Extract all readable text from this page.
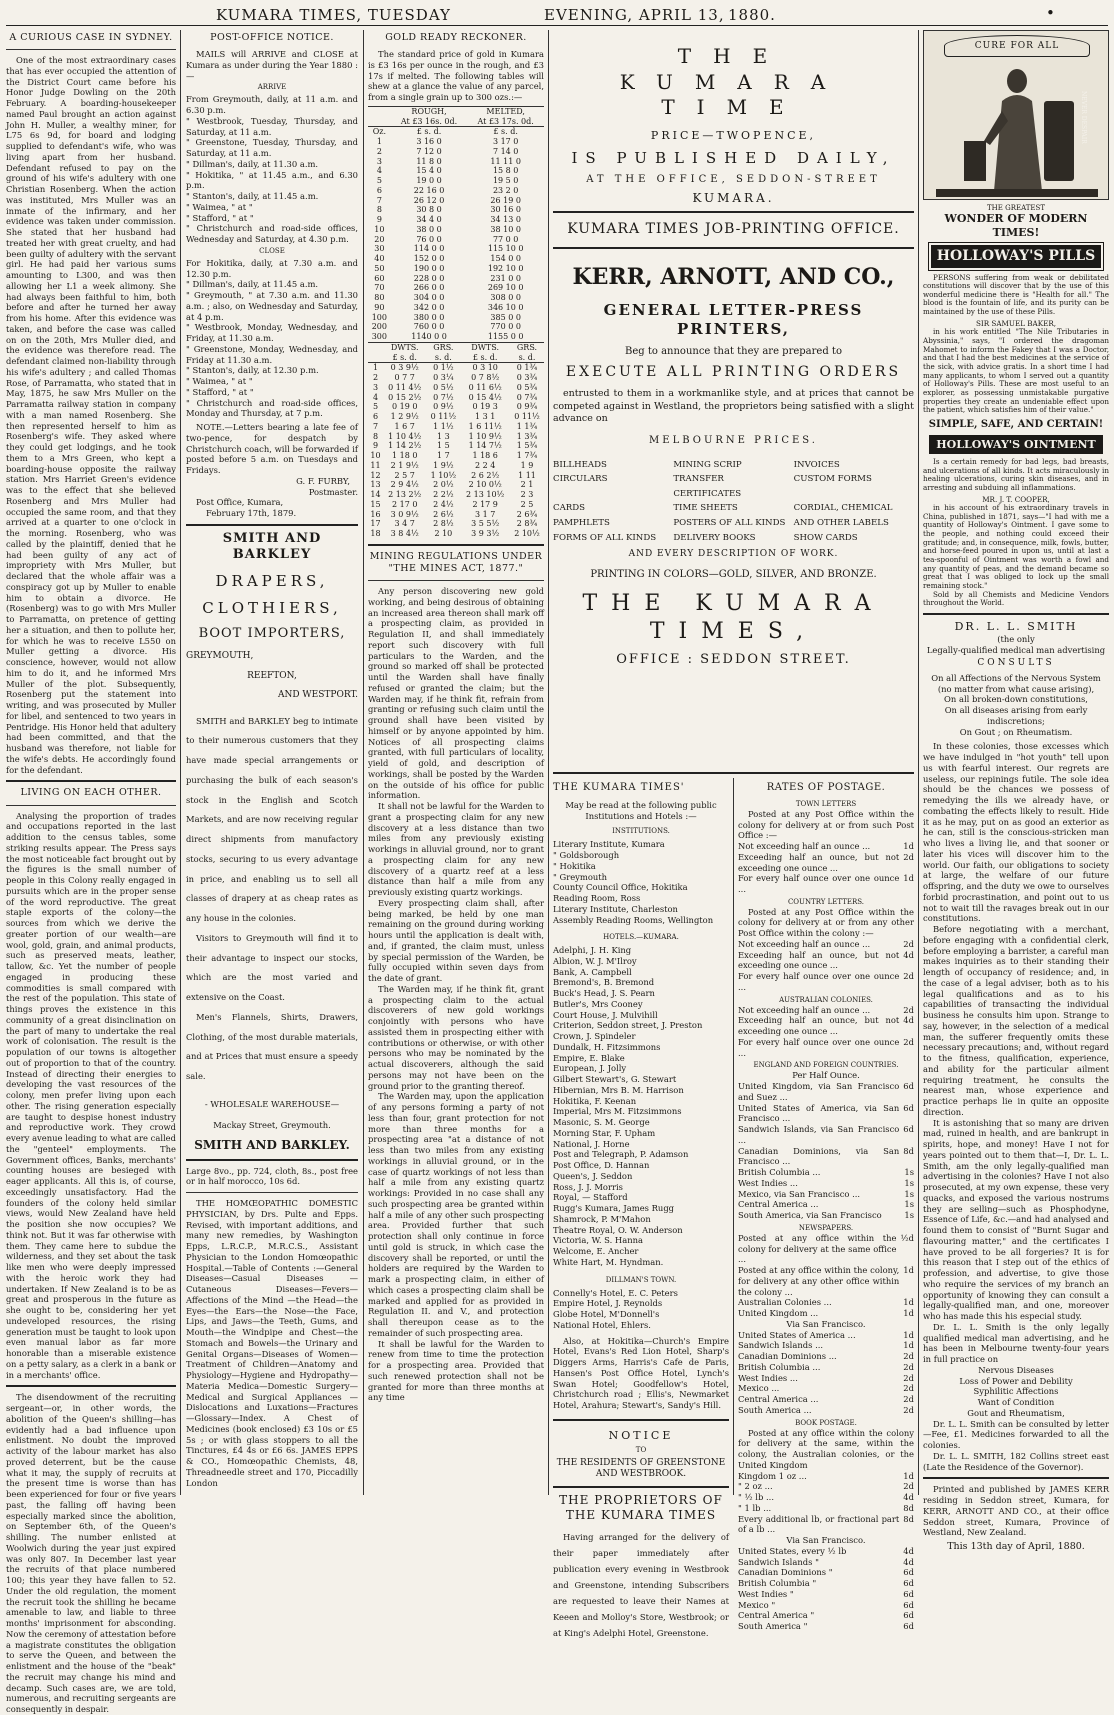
KUMARA TIMES, TUESDAY	EVENING, APRIL 13, 1880.	•
A CURIOUS CASE IN SYDNEY.

One of the most extraordinary cases that has ever occupied the attention of the District Court came before his Honor Judge Dowling on the 20th February. A boarding-housekeeper named Paul brought an action against John H. Muller, a wealthy miner, for L75 6s 9d, for board and lodging supplied to defendant's wife, who was living apart from her husband. Defendant refused to pay on the ground of his wife's adultery with one Christian Rosenberg. When the action was instituted, Mrs Muller was an inmate of the infirmary, and her evidence was taken under commission. She stated that her husband had treated her with great cruelty, and had been guilty of adultery with the servant girl. He had paid her various sums amounting to L300, and was then allowing her L1 a week alimony. She had always been faithful to him, both before and after he turned her away from his home. After this evidence was taken, and before the case was called on on the 20th, Mrs Muller died, and the evidence was therefore read. The defendant claimed non-liability through his wife's adultery ; and called Thomas Rose, of Parramatta, who stated that in May, 1875, he saw Mrs Muller on the Parramatta railway station in company with a man named Rosenberg. She then represented herself to him as Rosenberg's wife. They asked where they could get lodgings, and he took them to a Mrs Green, who kept a boarding-house opposite the railway station. Mrs Harriet Green's evidence was to the effect that she believed Rosenberg and Mrs Muller had occupied the same room, and that they arrived at a quarter to one o'clock in the morning. Rosenberg, who was called by the plaintiff, denied that he had been guilty of any act of impropriety with Mrs Muller, but declared that the whole affair was a conspiracy got up by Muller to enable him to obtain a divorce. He (Rosenberg) was to go with Mrs Muller to Parramatta, on pretence of getting her a situation, and then to pollute her, for which he was to receive L550 on Muller getting a divorce. His conscience, however, would not allow him to do it, and he informed Mrs Muller of the plot. Subsequently, Rosenberg put the statement into writing, and was prosecuted by Muller for libel, and sentenced to two years in Pentridge. His Honor held that adultery had been committed, and that the husband was therefore, not liable for the wife's debts. He accordingly found for the defendant.

LIVING ON EACH OTHER.

Analysing the proportion of trades and occupations reported in the last addition to the census tables, some striking results appear. The Press says the most noticeable fact brought out by the figures is the small number of people in this Colony really engaged in pursuits which are in the proper sense of the word reproductive. The great staple exports of the colony—the sources from which we derive the greater portion of our wealth—are wool, gold, grain, and animal products, such as preserved meats, leather, tallow, &c. Yet the number of people engaged in producing these commodities is small compared with the rest of the population. This state of things proves the existence in this community of a great disinclination on the part of many to undertake the real work of colonisation. The result is the population of our towns is altogether out of proportion to that of the country. Instead of directing their energies to developing the vast resources of the colony, men prefer living upon each other. The rising generation especially are taught to despise honest industry and reproductive work. They crowd every avenue leading to what are called the "genteel" employments. The Government offices, Banks, merchants' counting houses are besieged with eager applicants. All this is, of course, exceedingly unsatisfactory. Had the founders of the colony held similar views, would New Zealand have held the position she now occupies? We think not. But it was far otherwise with them. They came here to subdue the wilderness, and they set about the task like men who were deeply impressed with the heroic work they had undertaken. If New Zealand is to be as great and prosperous in the future as she ought to be, considering her yet undeveloped resources, the rising generation must be taught to look upon even manual labor as far more honorable than a miserable existence on a petty salary, as a clerk in a bank or in a merchants' office.

The disendowment of the recruiting sergeant—or, in other words, the abolition of the Queen's shilling—has evidently had a bad influence upon enlistment. No doubt the improved activity of the labour market has also proved deterrent, but be the cause what it may, the supply of recruits at the present time is worse than has been experienced for four or five years past, the falling off having been especially marked since the abolition, on September 6th, of the Queen's shilling. The number enlisted at Woolwich during the year just expired was only 807. In December last year the recruits of that place numbered 100; this year they have fallen to 52. Under the old regulation, the moment the recruit took the shilling he became amenable to law, and liable to three months' imprisonment for absconding. Now the ceremony of attestation before a magistrate constitutes the obligation to serve the Queen, and between the enlistment and the house of the "beak" the recruit may change his mind and decamp. Such cases are, we are told, numerous, and recruiting sergeants are consequently in despair.

POST-OFFICE NOTICE.

MAILS will ARRIVE and CLOSE at Kumara as under during the Year 1880 :—

ARRIVE
From Greymouth, daily, at 11 a.m. and 6.30 p.m.
" Westbrook, Tuesday, Thursday, and Saturday, at 11 a.m.
" Greenstone, Tuesday, Thursday, and Saturday, at 11 a.m.
" Dillman's, daily, at 11.30 a.m.
" Hokitika, " at 11.45 a.m., and 6.30 p.m.
" Stanton's, daily, at 11.45 a.m.
" Waimea, " at "
" Stafford, " at "
" Christchurch and road-side offices, Wednesday and Saturday, at 4.30 p.m.
CLOSE
For Hokitika, daily, at 7.30 a.m. and 12.30 p.m.
" Dillman's, daily, at 11.45 a.m.
" Greymouth, " at 7.30 a.m. and 11.30 a.m. ; also, on Wednesday and Saturday, at 4 p.m.
" Westbrook, Monday, Wednesday, and Friday, at 11.30 a.m.
" Greenstone, Monday, Wednesday, and Friday at 11.30 a.m.
" Stanton's, daily, at 12.30 p.m.
" Waimea, " at "
" Stafford, " at "
" Christchurch and road-side offices, Monday and Thursday, at 7 p.m.

NOTE.—Letters bearing a late fee of two-pence, for despatch by Christchurch coach, will be forwarded if posted before 5 a.m. on Tuesdays and Fridays.

G. F. FURBY,
Postmaster.
Post Office, Kumara,
February 17th, 1879.
SMITH AND BARKLEY
DRAPERS,
CLOTHIERS,
BOOT IMPORTERS,
GREYMOUTH,
REEFTON,
AND WESTPORT.

SMITH and BARKLEY beg to intimate to their numerous customers that they have made special arrangements or purchasing the bulk of each season's stock in the English and Scotch Markets, and are now receiving regular direct shipments from manufactory stocks, securing to us every advantage in price, and enabling us to sell all classes of drapery at as cheap rates as any house in the colonies.

Visitors to Greymouth will find it to their advantage to inspect our stocks, which are the most varied and extensive on the Coast.

Men's Flannels, Shirts, Drawers, Clothing, of the most durable materials, and at Prices that must ensure a speedy sale.

- WHOLESALE WAREHOUSE—
Mackay Street, Greymouth.
SMITH AND BARKLEY.
Large 8vo., pp. 724, cloth, 8s., post free or in half morocco, 10s 6d.

THE HOMŒOPATHIC DOMESTIC PHYSICIAN, by Drs. Pulte and Epps. Revised, with important additions, and many new remedies, by Washington Epps, L.R.C.P., M.R.C.S., Assistant Physician to the London Homœopathic Hospital.—Table of Contents :—General Diseases—Casual Diseases — Cutaneous Diseases—Fevers—Affections of the Mind —the Head—the Eyes—the Ears—the Nose—the Face, Lips, and Jaws—the Teeth, Gums, and Mouth—the Windpipe and Chest—the Stomach and Bowels—the Urinary and Genital Organs—Diseases of Women—Treatment of Children—Anatomy and Physiology—Hygiene and Hydropathy—Materia Medica—Domestic Surgery—Medical and Surgical Appliances —Dislocations and Luxations—Fractures —Glossary—Index. A Chest of Medicines (book enclosed) £3 10s or £5 5s ; or with glass stoppers to all the Tinctures, £4 4s or £6 6s. JAMES EPPS & CO., Homœopathic Chemists, 48, Threadneedle street and 170, Piccadilly London

GOLD READY RECKONER.

The standard price of gold in Kumara is £3 16s per ounce in the rough, and £3 17s if melted. The following tables will shew at a glance the value of any parcel, from a single grain up to 300 ozs.:—

	ROUGH,	MELTED,
	At £3 16s. 0d.	At £3 17s. 0d.
Oz.	£ s. d.	£ s. d.
1	3 16 0	3 17 0
2	7 12 0	7 14 0
3	11 8 0	11 11 0
4	15 4 0	15 8 0
5	19 0 0	19 5 0
6	22 16 0	23 2 0
7	26 12 0	26 19 0
8	30 8 0	30 16 0
9	34 4 0	34 13 0
10	38 0 0	38 10 0
20	76 0 0	77 0 0
30	114 0 0	115 10 0
40	152 0 0	154 0 0
50	190 0 0	192 10 0
60	228 0 0	231 0 0
70	266 0 0	269 10 0
80	304 0 0	308 0 0
90	342 0 0	346 10 0
100	380 0 0	385 0 0
200	760 0 0	770 0 0
300	1140 0 0	1155 0 0
	DWTS.	GRS.	DWTS.	GRS.
	£ s. d.	s. d.	£ s. d.	s. d.
1	0 3 9½	0 1½	0 3 10	0 1¾
2	0 7 7	0 3¼	0 7 8½	0 3¾
3	0 11 4½	0 5½	0 11 6½	0 5¾
4	0 15 2½	0 7½	0 15 4½	0 7¾
5	0 19 0	0 9½	0 19 3	0 9¾
6	1 2 9½	0 11½	1 3 1	0 11½
7	1 6 7	1 1½	1 6 11½	1 1¾
8	1 10 4½	1 3	1 10 9½	1 3¾
9	1 14 2½	1 5	1 14 7½	1 5¾
10	1 18 0	1 7	1 18 6	1 7¾
11	2 1 9½	1 9½	2 2 4	1 9
12	2 5 7	1 10½	2 6 2½	1 11
13	2 9 4½	2 0½	2 10 0½	2 1
14	2 13 2½	2 2½	2 13 10½	2 3
15	2 17 0	2 4½	2 17 9	2 5
16	3 0 9½	2 6½	3 1 7	2 6¾
17	3 4 7	2 8½	3 5 5½	2 8¾
18	3 8 4½	2 10	3 9 3½	2 10½
MINING REGULATIONS UNDER "THE MINES ACT, 1877."

Any person discovering new gold working, and being desirous of obtaining an increased area thereon shall mark off a prospecting claim, as provided in Regulation II, and shall immediately report such discovery with full particulars to the Warden, and the ground so marked off shall be protected until the Warden shall have finally refused or granted the claim; but the Warden may, if he think fit, refrain from granting or refusing such claim until the ground shall have been visited by himself or by anyone appointed by him. Notices of all prospecting claims granted, with full particulars of locality, yield of gold, and description of workings, shall be posted by the Warden on the outside of his office for public information.

It shall not be lawful for the Warden to grant a prospecting claim for any new discovery at a less distance than two miles from any previously existing workings in alluvial ground, nor to grant a prospecting claim for any new discovery of a quartz reef at a less distance than half a mile from any previously existing quartz workings.

Every prospecting claim shall, after being marked, be held by one man remaining on the ground during working hours until the application is dealt with, and, if granted, the claim must, unless by special permission of the Warden, be fully occupied within seven days from the date of grant.

The Warden may, if he think fit, grant a prospecting claim to the actual discoverers of new gold workings conjointly with persons who have assisted them in prospecting either with contributions or otherwise, or with other persons who may be nominated by the actual discoverers, although the said persons may not have been on the ground prior to the granting thereof.

The Warden may, upon the application of any persons forming a party of not less than four, grant protection for not more than three months for a prospecting area "at a distance of not less than two miles from any existing workings in alluvial ground, or in the case of quartz workings of not less than half a mile from any existing quartz workings: Provided in no case shall any such prospecting area be granted within half a mile of any other such prospecting area. Provided further that such protection shall only continue in force until gold is struck, in which case the discovery shall be reported, or until the holders are required by the Warden to mark a prospecting claim, in either of which cases a prospecting claim shall be marked and applied for as provided in Regulation II. and V., and protection shall thereupon cease as to the remainder of such prospecting area.

It shall be lawful for the Warden to renew from time to time the protection for a prospecting area. Provided that such renewed protection shall not be granted for more than three months at any time

THE KUMARA TIME
PRICE—TWOPENCE,
IS PUBLISHED DAILY,
AT THE OFFICE, SEDDON-STREET
KUMARA.
KUMARA TIMES JOB-PRINTING OFFICE.
KERR, ARNOTT, AND CO.,
GENERAL LETTER-PRESS PRINTERS,
Beg to announce that they are prepared to
EXECUTE ALL PRINTING ORDERS

entrusted to them in a workmanlike style, and at prices that cannot be competed against in Westland, the proprietors being satisfied with a slight advance on

MELBOURNE PRICES.
BILLHEADS	MINING SCRIP	INVOICES
CIRCULARS	TRANSFER CERTIFICATES
CUSTOM FORMS
CARDS	TIME SHEETS	CORDIAL, CHEMICAL
PAMPHLETS	POSTERS OF ALL KINDS AND OTHER LABELS
FORMS OF ALL KINDS	DELIVERY BOOKS	SHOW CARDS
AND EVERY DESCRIPTION OF WORK.
PRINTING IN COLORS—GOLD, SILVER, AND BRONZE.
THE KUMARA TIMES,
OFFICE : SEDDON STREET.
THE KUMARA TIMES'
May be read at the following public Institutions and Hotels :—
INSTITUTIONS.
Literary Institute, Kumara
" Goldsborough
" Hokitika
" Greymouth
County Council Office, Hokitika
Reading Room, Ross
Literary Institute, Charleston
Assembly Reading Rooms, Wellington
HOTELS.—KUMARA.
Adelphi, J. H. King
Albion, W. J. M'Ilroy
Bank, A. Campbell
Bremond's, B. Bremond
Buck's Head, J. S. Pearn
Butler's, Mrs Cooney
Court House, J. Mulvihill
Criterion, Seddon street, J. Preston
Crown, J. Spindeler
Dundalk, H. Fitzsimmons
Empire, E. Blake
European, J. Jolly
Gilbert Stewart's, G. Stewart
Hibernian, Mrs B. M. Harrison
Hokitika, F. Keenan
Imperial, Mrs M. Fitzsimmons
Masonic, S. M. George
Morning Star, F. Upham
National, J. Horne
Post and Telegraph, P. Adamson
Post Office, D. Hannan
Queen's, J. Seddon
Ross, J. J. Morris
Royal, — Stafford
Rugg's Kumara, James Rugg
Shamrock, P. M'Mahon
Theatre Royal, O. W. Anderson
Victoria, W. S. Hanna
Welcome, E. Ancher
White Hart, M. Hyndman.
DILLMAN'S TOWN.
Connelly's Hotel, E. C. Peters
Empire Hotel, J. Reynolds
Globe Hotel, M'Donnell's
National Hotel, Ehlers.

Also, at Hokitika—Church's Empire Hotel, Evans's Red Lion Hotel, Sharp's Diggers Arms, Harris's Cafe de Paris, Hansen's Post Office Hotel, Lynch's Swan Hotel; Goodfellow's Hotel, Christchurch road ; Ellis's, Newmarket Hotel, Arahura; Stewart's, Sandy's Hill.

NOTICE
TO
THE RESIDENTS OF GREENSTONE AND WESTBROOK.
THE PROPRIETORS OF THE KUMARA TIMES

Having arranged for the delivery of their paper immediately after publication every evening in Westbrook and Greenstone, intending Subscribers are requested to leave their Names at Keeen and Molloy's Store, Westbrook; or at King's Adelphi Hotel, Greenstone.

RATES OF POSTAGE.
TOWN LETTERS

Posted at any Post Office within the colony for delivery at or from such Post Office :—

Not exceeding half an ounce ...	1d
Exceeding half an ounce, but not exceeding one ounce ...
2d
For every half ounce over one ounce ...
1d
COUNTRY LETTERS.

Posted at any Post Office within the colony for delivery at or from any other Post Office within the colony :—

Not exceeding half an ounce ...	2d
Exceeding half an ounce, but not exceeding one ounce ...
4d
For every half ounce over one ounce ...
2d
AUSTRALIAN COLONIES.
Not exceeding half an ounce ...	2d
Exceeding half an ounce, but not exceeding one ounce ...
4d
For every half ounce over one ounce ...
2d
ENGLAND AND FOREIGN COUNTRIES.
Per Half Ounce.
United Kingdom, via San Francisco and Suez ...
6d
United States of America, via San Francisco ...
6d
Sandwich Islands, via San Francisco ...
6d
Canadian Dominions, via San Francisco ...
8d
British Columbia ...	1s
West Indies ...	1s
Mexico, via San Francisco ...	1s
Central America ...	1s
South America, via San Francisco	1s
NEWSPAPERS.
Posted at any office within the colony for delivery at the same office ...
½d
Posted at any office within the colony, for delivery at any other office within the colony ...
1d
Australian Colonies ...	1d
United Kingdom ...	1d
Via San Francisco.
United States of America ...	1d
Sandwich Islands ...	1d
Canadian Dominions ...	2d
British Columbia ...	2d
West Indies ...	2d
Mexico ...	2d
Central America ...	2d
South America ...	2d
BOOK POSTAGE.

Posted at any office within the colony for delivery at the same, within the colony, the Australian colonies, or the United Kingdom

Kingdom 1 oz ...	1d
" 2 oz ...	2d
" ½ lb ...	4d
" 1 lb ...	8d
Every additional lb, or fractional part of a lb ...
8d
Via San Francisco.
United States, every ½ lb	4d
Sandwich Islands "	4d
Canadian Dominions "	6d
British Columbia "	6d
West Indies "	6d
Mexico "	6d
Central America "	6d
South America "	6d
CURE FOR ALL
NEVER DESPAIR
THE GREATEST
WONDER OF MODERN TIMES!
HOLLOWAY'S PILLS

PERSONS suffering from weak or debilitated constitutions will discover that by the use of this wonderful medicine there is "Health for all." The blood is the fountain of life, and its purity can be maintained by the use of these Pills.

SIR SAMUEL BAKER,

in his work entitled "The Nile Tributaries in Abyssinia," says, "I ordered the dragoman Mahomet to inform the Fakey that I was a Doctor, and that I had the best medicines at the service of the sick, with advice gratis. In a short time I had many applicants, to whom I served out a quantity of Holloway's Pills. These are most useful to an explorer, as possessing unmistakable purgative properties they create an undeniable effect upon the patient, which satisfies him of their value."

SIMPLE, SAFE, AND CERTAIN!
HOLLOWAY'S OINTMENT

Is a certain remedy for bad legs, bad breasts, and ulcerations of all kinds. It acts miraculously in healing ulcerations, curing skin diseases, and in arresting and subduing all inflammations.

MR. J. T. COOPER,

in his account of his extraordinary travels in China, published in 1871, says—"I had with me a quantity of Holloway's Ointment. I gave some to the people, and nothing could exceed their gratitude; and, in consequence, milk, fowls, butter, and horse-feed poured in upon us, until at last a tea-spoonful of Ointment was worth a fowl and any quantity of peas, and the demand became so great that I was obliged to lock up the small remaining stock."

Sold by all Chemists and Medicine Vendors throughout the World.

DR. L. L. SMITH
(the only
Legally-qualified medical man advertising
CONSULTS
On all Affections of the Nervous System
(no matter from what cause arising),
On all broken-down constitutions,
On all diseases arising from early indiscretions;
On Gout ; on Rheumatism.

In these colonies, those excesses which we have indulged in "hot youth" tell upon us with fearful interest. Our regrets are useless, our repinings futile. The sole idea should be the chances we possess of remedying the ills we already have, or combating the effects likely to result. Hide it as he may, put on as good an exterior as he can, still is the conscious-stricken man who lives a living lie, and that sooner or later his vices will discover him to the world. Our faith, our obligations to society at large, the welfare of our future offspring, and the duty we owe to ourselves forbid procrastination, and point out to us not to wait till the ravages break out in our constitutions.

Before negotiating with a merchant, before engaging with a confidential clerk, before employing a barrister, a careful man makes inquiries as to their standing their length of occupancy of residence; and, in the case of a legal adviser, both as to his legal qualifications and as to his capabilities of transacting the individual business he consults him upon. Strange to say, however, in the selection of a medical man, the sufferer frequently omits these necessary precautions; and, without regard to the fitness, qualification, experience, and ability for the particular ailment requiring treatment, he consults the nearest man, whose experience and practice perhaps lie in quite an opposite direction.

It is astonishing that so many are driven mad, ruined in health, and are bankrupt in spirits, hope, and money! Have I not for years pointed out to them that—I, Dr. L. L. Smith, am the only legally-qualified man advertising in the colonies? Have I not also prosecuted, at my own expense, these very quacks, and exposed the various nostrums they are selling—such as Phosphodyne, Essence of Life, &c.—and had analysed and found them to consist of "Burnt Sugar and flavouring matter," and the certificates I have proved to be all forgeries? It is for this reason that I step out of the ethics of profession, and advertise, to give those who require the services of my branch an opportunity of knowing they can consult a legally-qualified man, and one, moreover who has made this his especial study.

Dr. L. L. Smith is the only legally qualified medical man advertising, and he has been in Melbourne twenty-four years in full practice on

Nervous Diseases
Loss of Power and Debility
Syphilitic Affections
Want of Condition
Gout and Rheumatism,

Dr. L. L. Smith can be consulted by letter—Fee, £1. Medicines forwarded to all the colonies.

Dr. L. L. SMITH, 182 Collins street east (Late the Residence of the Governor).

Printed and published by JAMES KERR residing in Seddon street, Kumara, for KERR, ARNOTT AND CO., at their office Seddon street, Kumara, Province of Westland, New Zealand.

This 13th day of April, 1880.
